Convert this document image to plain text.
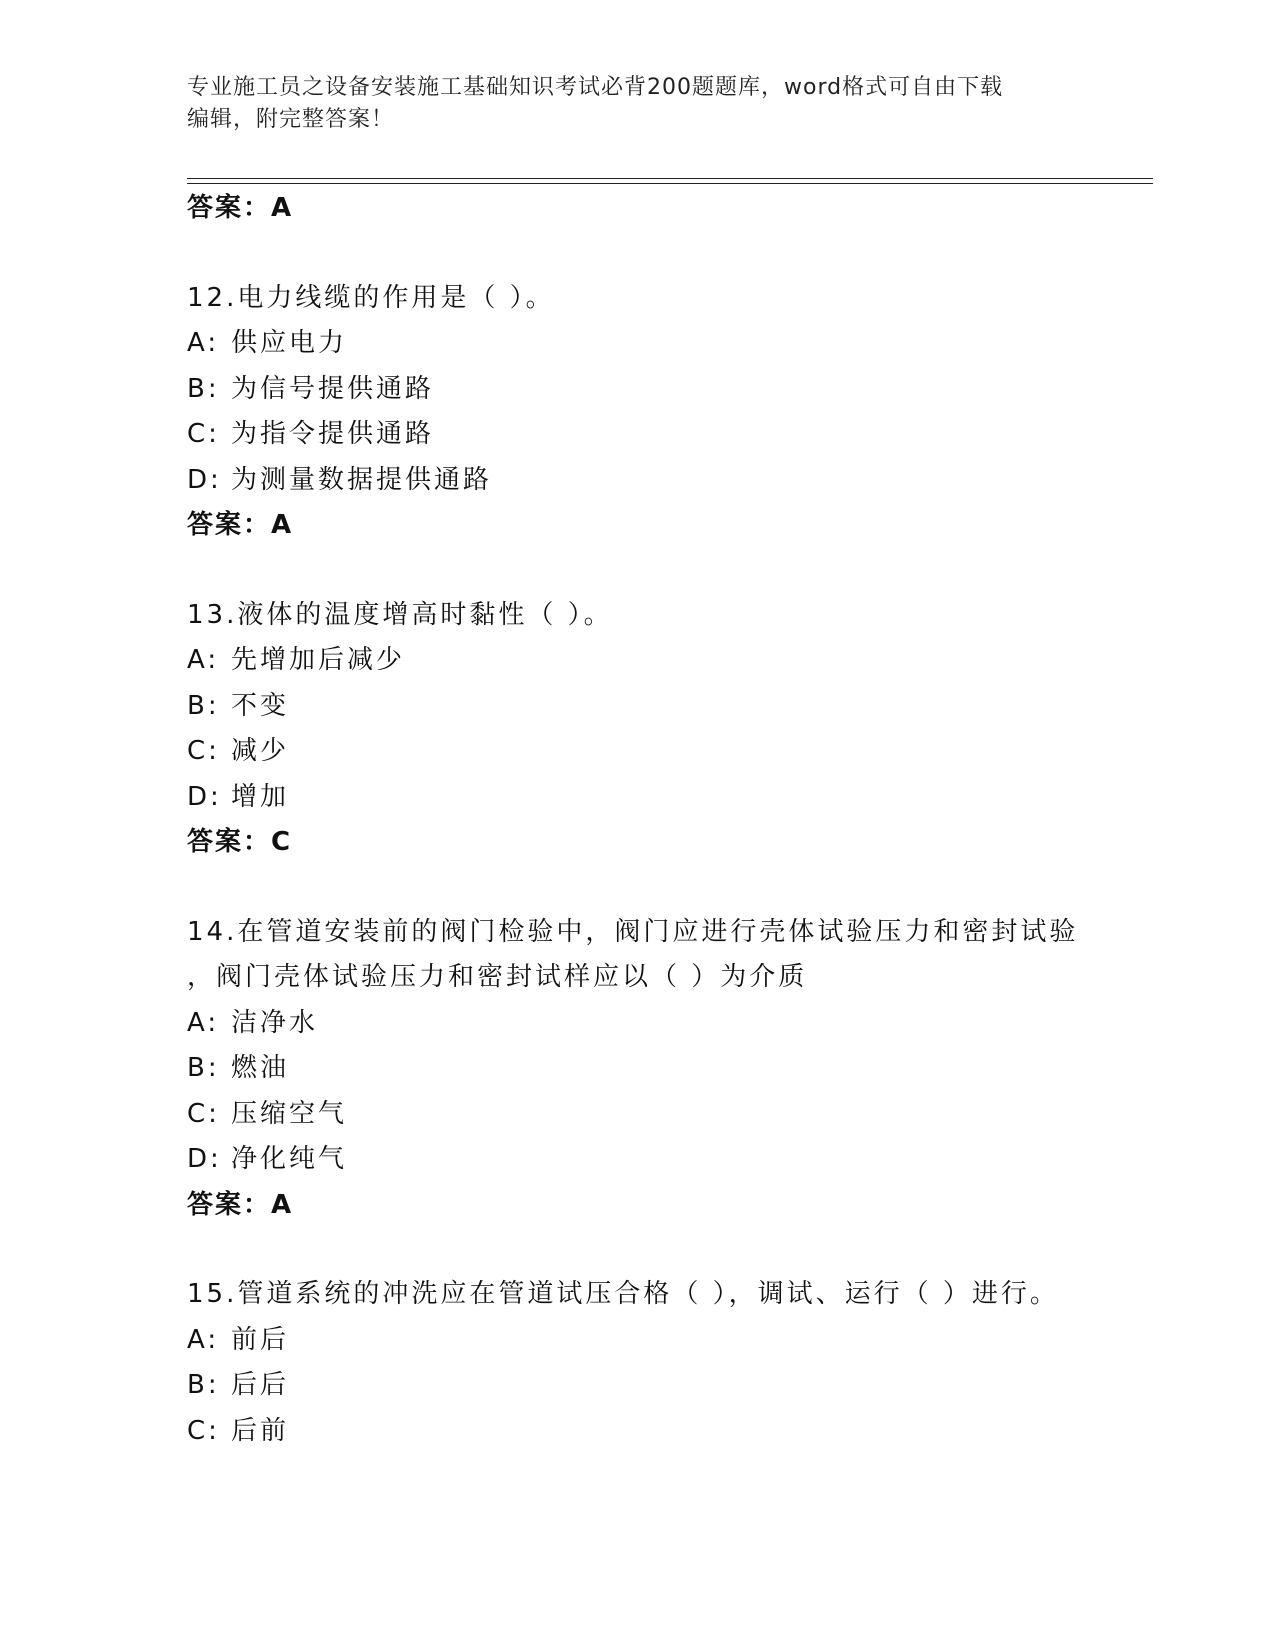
专业施工员之设备安装施工基础知识考试必背200题题库，word格式可自由下载
编辑，附完整答案！
答案：A
12.电力线缆的作用是（ ）。
A: 供应电力
B: 为信号提供通路
C: 为指令提供通路
D: 为测量数据提供通路
答案：A
13.液体的温度增高时黏性（ ）。
A: 先增加后减少
B: 不变
C: 减少
D: 增加
答案：C
14.在管道安装前的阀门检验中，阀门应进行壳体试验压力和密封试验
，阀门壳体试验压力和密封试样应以（ ）为介质
A: 洁净水
B: 燃油
C: 压缩空气
D: 净化纯气
答案：A
15.管道系统的冲洗应在管道试压合格（ ），调试、运行（ ）进行。
A: 前后
B: 后后
C: 后前
